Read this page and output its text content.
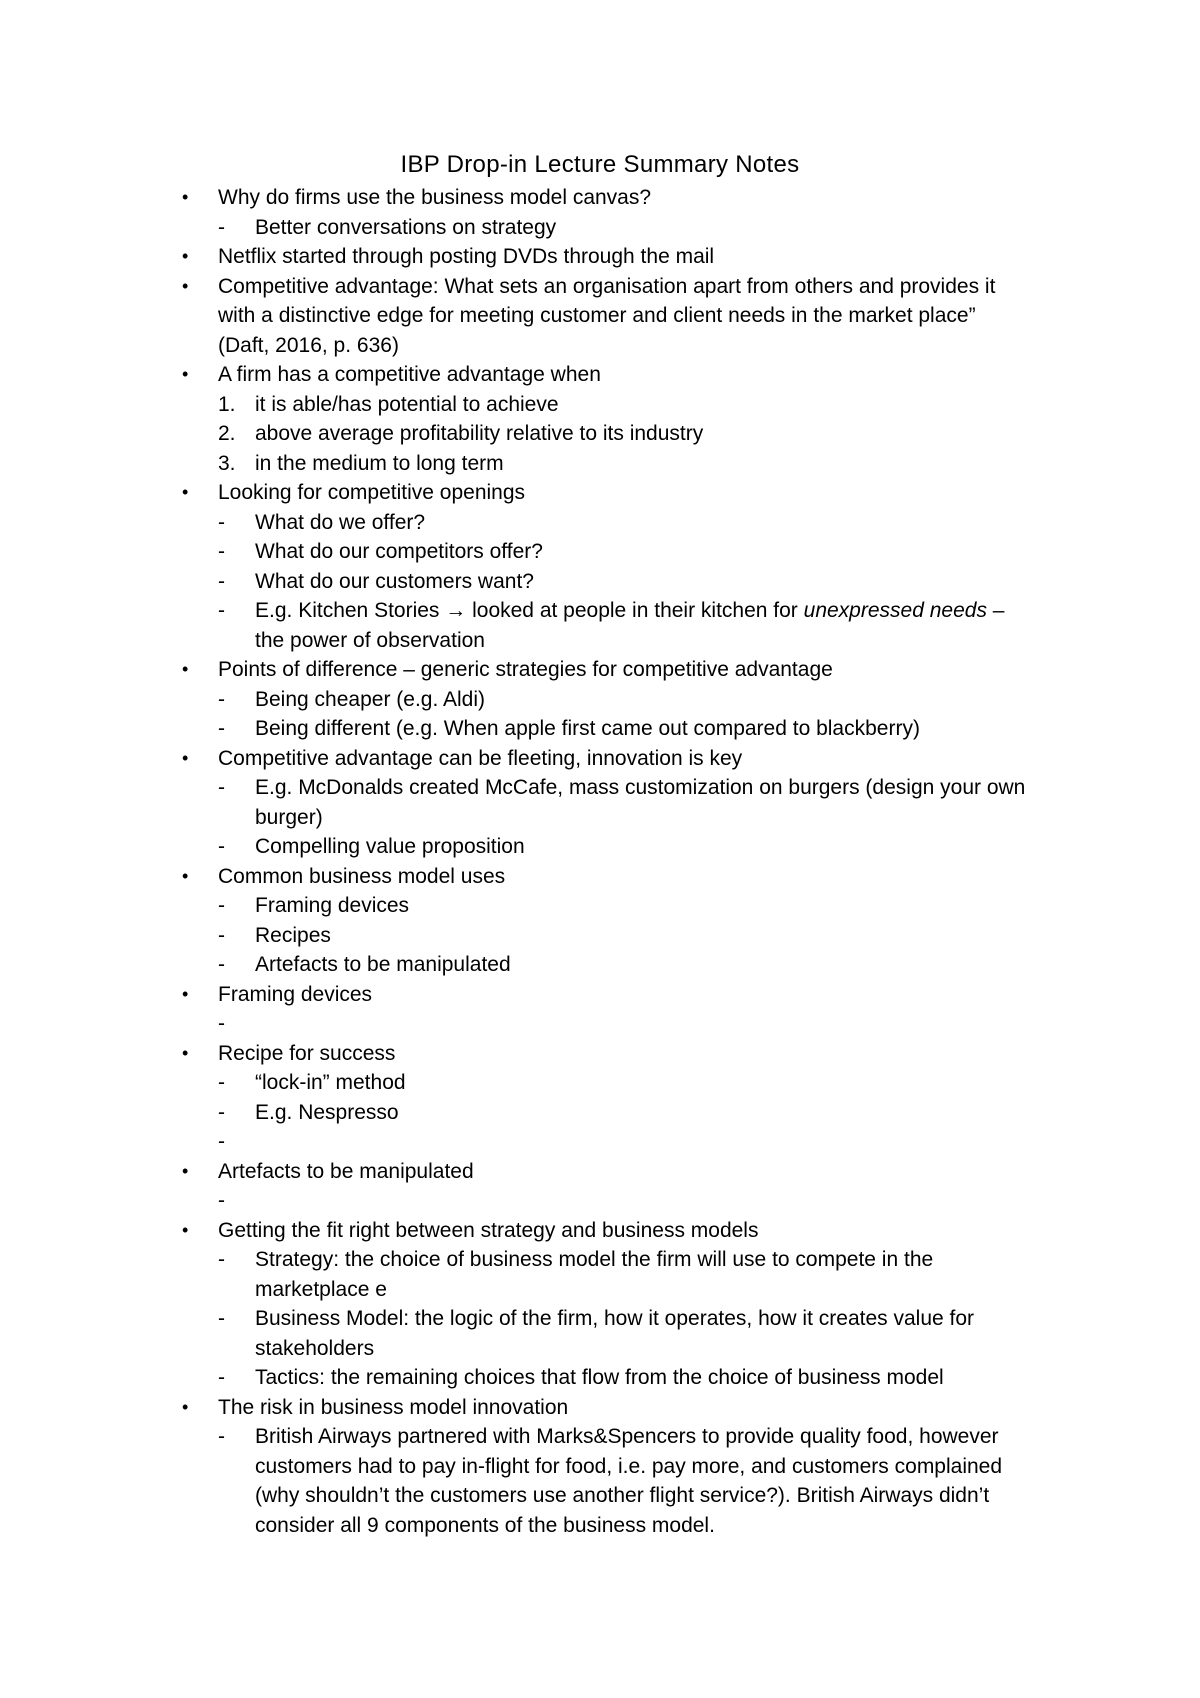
IBP Drop-in Lecture Summary Notes
• Why do firms use the business model canvas?
- Better conversations on strategy
• Netflix started through posting DVDs through the mail
• Competitive advantage: What sets an organisation apart from others and provides it
with a distinctive edge for meeting customer and client needs in the market place”
(Daft, 2016, p. 636)
• A firm has a competitive advantage when
1. it is able/has potential to achieve
2. above average profitability relative to its industry
3. in the medium to long term
• Looking for competitive openings
- What do we offer?
- What do our competitors offer?
- What do our customers want?
- E.g. Kitchen Stories → looked at people in their kitchen for unexpressed needs –
the power of observation
• Points of difference – generic strategies for competitive advantage
- Being cheaper (e.g. Aldi)
- Being different (e.g. When apple first came out compared to blackberry)
• Competitive advantage can be fleeting, innovation is key
- E.g. McDonalds created McCafe, mass customization on burgers (design your own
burger)
- Compelling value proposition
• Common business model uses
- Framing devices
- Recipes
- Artefacts to be manipulated
• Framing devices
-
• Recipe for success
- “lock-in” method
- E.g. Nespresso
-
• Artefacts to be manipulated
-
• Getting the fit right between strategy and business models
- Strategy: the choice of business model the firm will use to compete in the
marketplace e
- Business Model: the logic of the firm, how it operates, how it creates value for
stakeholders
- Tactics: the remaining choices that flow from the choice of business model
• The risk in business model innovation
- British Airways partnered with Marks&Spencers to provide quality food, however
customers had to pay in-flight for food, i.e. pay more, and customers complained
(why shouldn’t the customers use another flight service?). British Airways didn’t
consider all 9 components of the business model.
